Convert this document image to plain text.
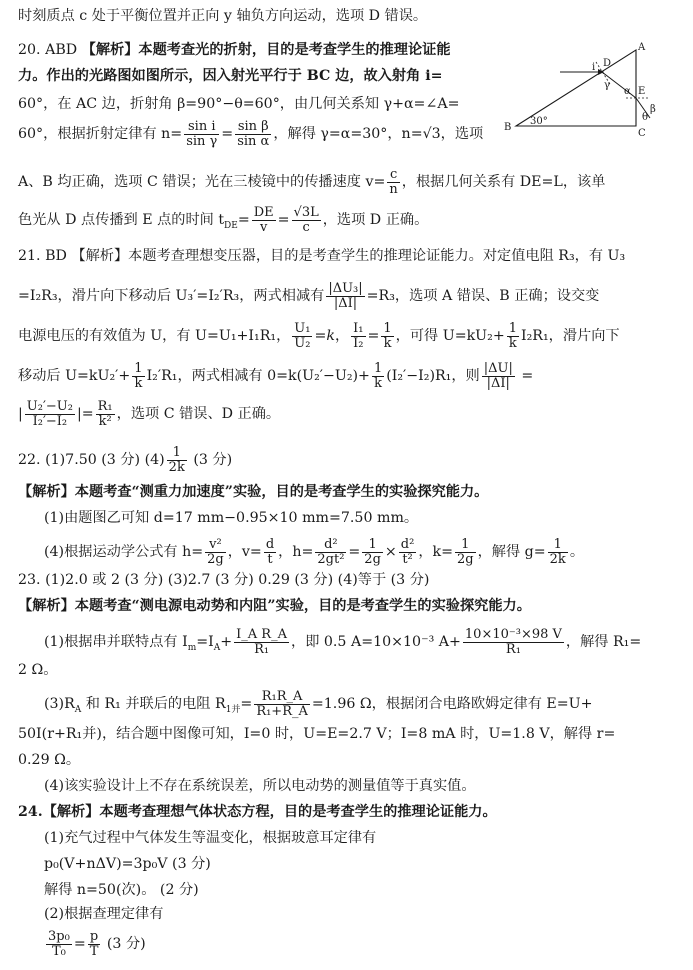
时刻质点 c 处于平衡位置并正向 y 轴负方向运动，选项 D 错误。
20. ABD 【解析】本题考查光的折射，目的是考查学生的推理论证能
力。作出的光路图如图所示，因入射光平行于 BC 边，故入射角 i=
60°，在 AC 边，折射角 β=90°−θ=60°，由几何关系知 γ+α=∠A=
60°，根据折射定律有 $n= \frac{\text{sin i}}{\text{sin γ}} = \frac{\text{sin β}}{\text{sin α}}$ ，解得 γ=α=30°，n=√3，选项
A、B 均正确，选项 C 错误；光在三棱镜中的传播速度 $v= \frac{c}{n}$ ，根据几何关系有 DE=L，该单
色光从 D 点传播到 E 点的时间 $t_{DE}= \frac{DE}{v} = \frac{√3L}{c}$ ，选项 D 正确。
A
B
C
D
E
i
β
γ
α
θ
30°
21. BD 【解析】本题考查理想变压器，目的是考查学生的推理论证能力。对定值电阻 R₃，有 U₃
=I₂R₃，滑片向下移动后 U₃′=I₂′R₃，两式相减有 $\frac{\text{|ΔU₃|}}{|\Delta I|} =R_3$，选项 A 错误、B 正确；设交变
电源电压的有效值为 U，有 U=U₁+I₁R₁， $\frac{\text{U₁}}{\text{U₂}} =k$， $\frac{\text{I₁}}{\text{I₂}} = \frac{1}{k}$ ，可得 $U=kU_2+ \frac{1}{k} I_2R_1$，滑片向下
移动后 $U=kU_2'+ \frac{1}{k} I_2'R_1$，两式相减有 $0=k(U_2'-U_2)+ \frac{1}{k} (I_2'-I_2)R_1$，则 $\frac{|\Delta U|}{|\Delta I|}$ =
| $\frac{\text{U₂′−U₂}}{\text{I₂′−I₂}}$ |= $\frac{\text{R₁}}{\text{k²}}$ ，选项 C 错误、D 正确。
22. (1)7.50 (3 分) $(4) \frac{1}{2k} (3$ 分)
【解析】本题考查“测重力加速度”实验，目的是考查学生的实验探究能力。
(1)由题图乙可知 d=17 mm−0.95×10 mm=7.50 mm。
(4)根据运动学公式有 $h= \frac{\text{v²}}{2g}$ ，$v= \frac{d}{t}$ ，$h= \frac{\text{d²}}{\text{2gt²}} = \frac{1}{2g} \times \frac{\text{d²}}{\text{t²}}$ ，$k= \frac{1}{2g}$ ，解得 $g= \frac{1}{2k}$ 。
23. (1)2.0 或 2 (3 分) (3)2.7 (3 分) 0.29 (3 分) (4)等于 (3 分)
【解析】本题考查“测电源电动势和内阻”实验，目的是考查学生的实验探究能力。
(1)根据串并联特点有 $I_m=I_A+ \frac{\text{I\_A R\_A}}{\text{R₁}}$ ，即 0.5 A=10×10⁻³ $A+ \frac{\text{10×10⁻³×98 V}}{\text{R₁}}$ ，解得 R₁=
2 Ω。
$(3)R_A$ 和 R₁ 并联后的电阻 $R_{1并}= \frac{\text{R₁R\_A}}{\text{R₁+R\_A}} =1.96$ Ω，根据闭合电路欧姆定律有 E=U+
50I(r+R₁并)，结合题中图像可知，I=0 时，U=E=2.7 V；I=8 mA 时，U=1.8 V，解得 r=
0.29 Ω。
(4)该实验设计上不存在系统误差，所以电动势的测量值等于真实值。
24.【解析】本题考查理想气体状态方程，目的是考查学生的推理论证能力。
(1)充气过程中气体发生等温变化，根据玻意耳定律有
p₀(V+nΔV)=3p₀V (3 分)
解得 n=50(次)。 (2 分)
(2)根据查理定律有
$\frac{\text{3p₀}}{\text{T₀}} = \frac{p}{T} (3$ 分)
